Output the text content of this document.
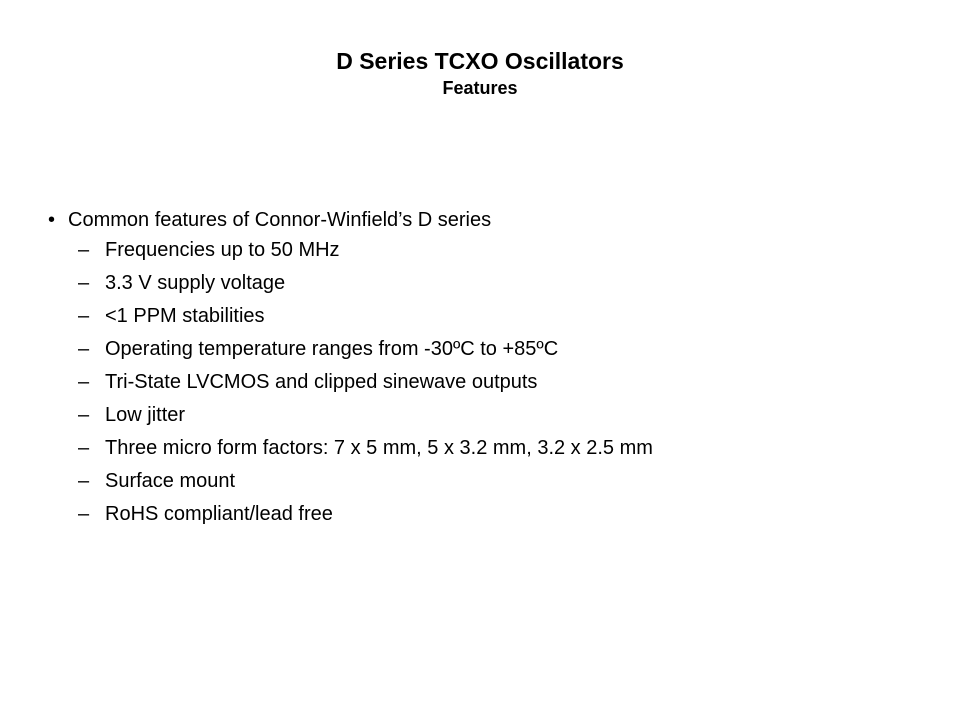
D Series TCXO Oscillators
Features
• Common features of Connor-Winfield’s D series
– Frequencies up to 50 MHz
– 3.3 V supply voltage
– <1 PPM stabilities
– Operating temperature ranges from -30ºC to +85ºC
– Tri-State LVCMOS and clipped sinewave outputs
– Low jitter
– Three micro form factors: 7 x 5 mm, 5 x 3.2 mm, 3.2 x 2.5 mm
– Surface mount
– RoHS compliant/lead free
